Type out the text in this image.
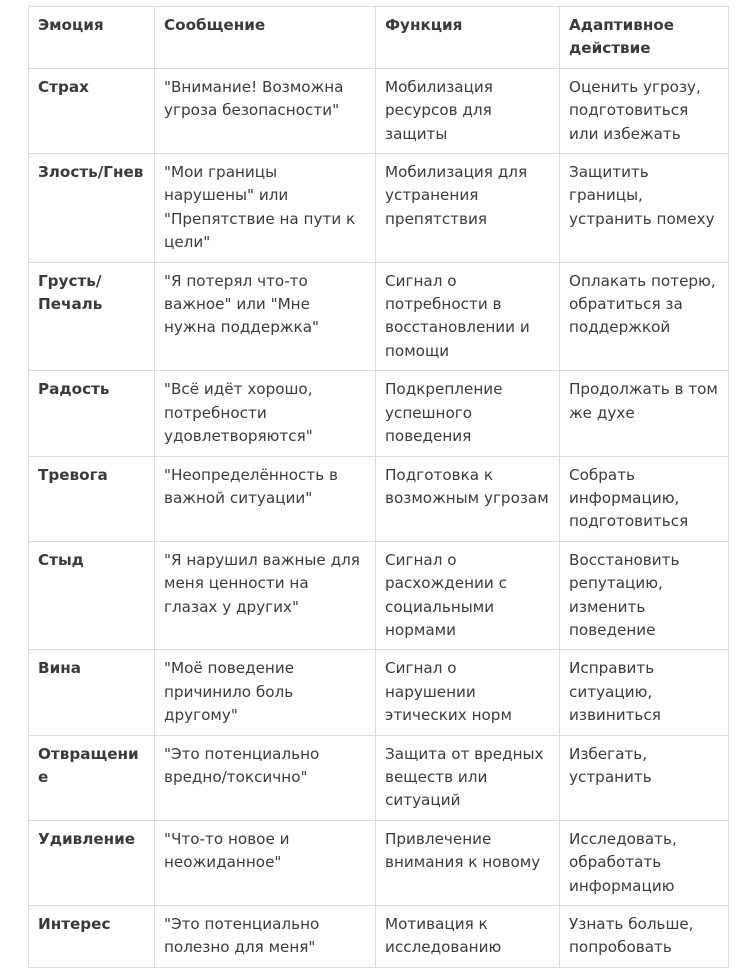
Эмоция	Сообщение	Функция	Адаптивное действие
Страх	"Внимание! Возможна угроза безопасности"	Мобилизация ресурсов для защиты	Оценить угрозу, подготовиться или избежать
Злость/Гнев	"Мои границы нарушены" или "Препятствие на пути к цели"	Мобилизация для устранения препятствия	Защитить границы, устранить помеху
Грусть/ Печаль	"Я потерял что-то важное" или "Мне нужна поддержка"	Сигнал о потребности в восстановлении и помощи	Оплакать потерю, обратиться за поддержкой
Радость	"Всё идёт хорошо, потребности удовлетворяются"	Подкрепление успешного поведения	Продолжать в том же духе
Тревога	"Неопределённость в важной ситуации"	Подготовка к возможным угрозам	Собрать информацию, подготовиться
Стыд	"Я нарушил важные для меня ценности на глазах у других"	Сигнал о расхождении с социальными нормами	Восстановить репутацию, изменить поведение
Вина	"Моё поведение причинило боль другому"	Сигнал о нарушении этических норм	Исправить ситуацию, извиниться
Отвращение	"Это потенциально вредно/токсично"	Защита от вредных веществ или ситуаций	Избегать, устранить
Удивление	"Что-то новое и неожиданное"	Привлечение внимания к новому	Исследовать, обработать информацию
Интерес	"Это потенциально полезно для меня"	Мотивация к исследованию	Узнать больше, попробовать
